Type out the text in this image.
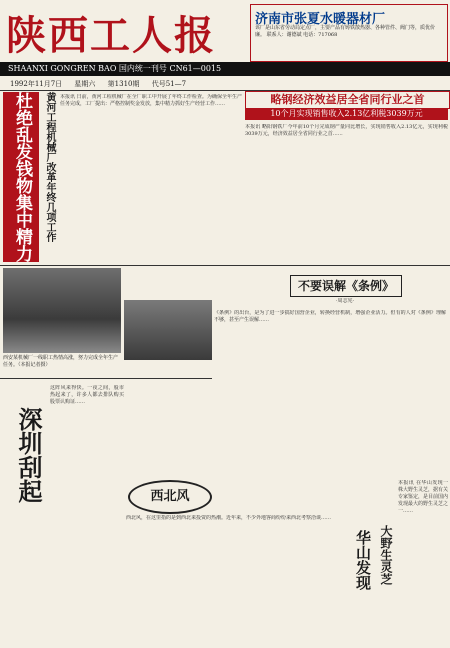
陕西工人报	济南市张夏水暖器材厂
该厂是山东省劳动局定点厂，主要产品有铸铁散热器、各种管件、阀门等，质优价廉。 联系人：谢德斌 电话：717068
SHAANXI GONGREN BAO 国内统一刊号 CN61—0015
1992年11月7日 星期六 第1310期 代号51—7
杜绝乱发钱物集中精力
黄河工程机械厂改革年终几项工作	本报讯 日前，黄河工程机械厂在全厂职工中开展了年终工作检查。为确保全年生产任务完成，工厂提出：严格控制奖金发放，集中精力抓好生产经营工作……	略钢经济效益居全省同行业之首
10个月实现销售收入2.13亿利税3039万元
本报讯 略阳钢铁厂今年前10个月完成钢产量同比增长，实现销售收入2.13亿元，实现利税3039万元，经济效益居全省同行业之首……
西安某机械厂一线职工热情高涨，努力完成全年生产任务。（本报记者摄）
不要误解《条例》
·周志宪·
《条例》的出台，是为了进一步搞好国营企业，转换经营机制，增强企业活力。但有的人对《条例》理解不够，甚至产生误解……
深圳刮起
这阵风来得快。一夜之间，股市热起来了，许多人都去排队购买股票认购证……
西北风
西北风，在这里指的是到西北来投资的热潮。近年来，不少外地客商纷纷来西北考察洽谈……
华山发现 大野生灵芝
本报讯 在华山发现一株大野生灵芝，据有关专家鉴定，是目前国内发现最大的野生灵芝之一……
